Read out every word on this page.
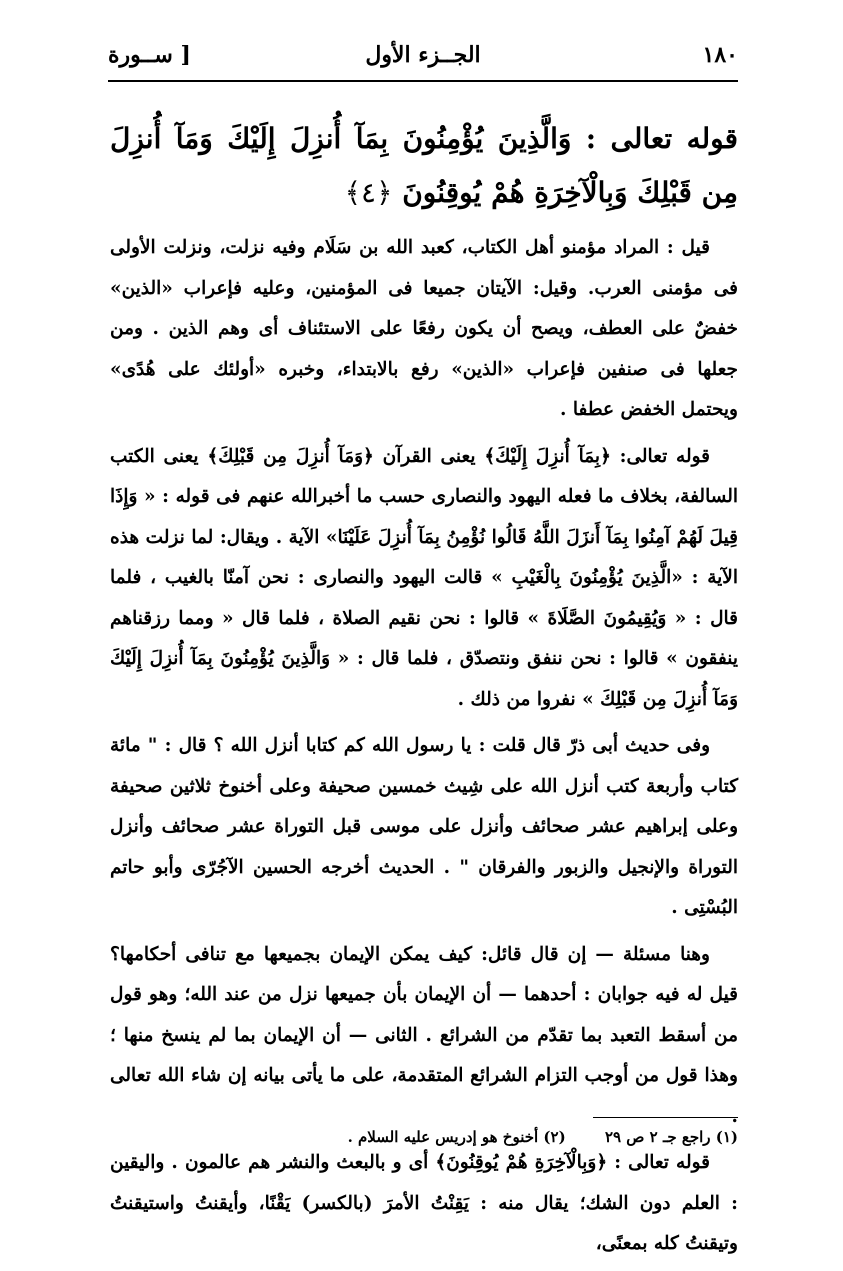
١٨٠
الجــزء الأول
[ ســورة

قوله تعالى : وَالَّذِينَ يُؤْمِنُونَ بِمَآ أُنزِلَ إِلَيْكَ وَمَآ أُنزِلَ مِن قَبْلِكَ وَبِالْآخِرَةِ هُمْ يُوقِنُونَ ﴿٤﴾

قيل : المراد مؤمنو أهل الكتاب، كعبد الله بن سَلَام وفيه نزلت، ونزلت الأولى فى مؤمنى العرب. وقيل: الآيتان جميعا فى المؤمنين، وعليه فإعراب «الذين» خفضٌ على العطف، ويصح أن يكون رفعًا على الاستئناف أى وهم الذين . ومن جعلها فى صنفين فإعراب «الذين» رفع بالابتداء، وخبره «أولئك على هُدًى» ويحتمل الخفض عطفا .

قوله تعالى: ﴿بِمَآ أُنزِلَ إِلَيْكَ﴾ يعنى القرآن ﴿وَمَآ أُنزِلَ مِن قَبْلِكَ﴾ يعنى الكتب السالفة، بخلاف ما فعله اليهود والنصارى حسب ما أخبرالله عنهم فى قوله : « وَإِذَا قِيلَ لَهُمْ آمِنُوا بِمَآ أَنزَلَ اللَّهُ قَالُوا نُؤْمِنُ بِمَآ أُنزِلَ عَلَيْنَا» الآية . ويقال: لما نزلت هذه الآية : «الَّذِينَ يُؤْمِنُونَ بِالْغَيْبِ » قالت اليهود والنصارى : نحن آمنّا بالغيب ، فلما قال : « وَيُقِيمُونَ الصَّلَاةَ » قالوا : نحن نقيم الصلاة ، فلما قال « ومما رزقناهم ينفقون » قالوا : نحن ننفق ونتصدّق ، فلما قال : « وَالَّذِينَ يُؤْمِنُونَ بِمَآ أُنزِلَ إِلَيْكَ وَمَآ أُنزِلَ مِن قَبْلِكَ » نفروا من ذلك .

وفى حديث أبى ذرّ قال قلت : يا رسول الله كم كتابا أنزل الله ؟ قال : " مائة كتاب وأربعة كتب أنزل الله على شِيث خمسين صحيفة وعلى أخنوخ ثلاثين صحيفة وعلى إبراهيم عشر صحائف وأنزل على موسى قبل التوراة عشر صحائف وأنزل التوراة والإنجيل والزبور والفرقان " . الحديث أخرجه الحسين الآجُرّى وأبو حاتم البُسْتِى .

وهنا مسئلة — إن قال قائل: كيف يمكن الإيمان بجميعها مع تنافى أحكامها؟ قيل له فيه جوابان : أحدهما — أن الإيمان بأن جميعها نزل من عند الله؛ وهو قول من أسقط التعبد بما تقدّم من الشرائع . الثانى — أن الإيمان بما لم ينسخ منها ؛ وهذا قول من أوجب التزام الشرائع المتقدمة، على ما يأتى بيانه إن شاء الله تعالى .

قوله تعالى : ﴿وَبِالْآخِرَةِ هُمْ يُوقِنُونَ﴾ أى و بالبعث والنشر هم عالمون . واليقين : العلم دون الشك؛ يقال منه : يَقِنْتُ الأمرَ (بالكسر) يَقْنًا، وأيقنتُ واستيقنتُ وتيقنتُ كله بمعنًى،

(١) راجع جـ ٢ ص ٢٩ (٢) أخنوخ هو إدريس عليه السلام .
